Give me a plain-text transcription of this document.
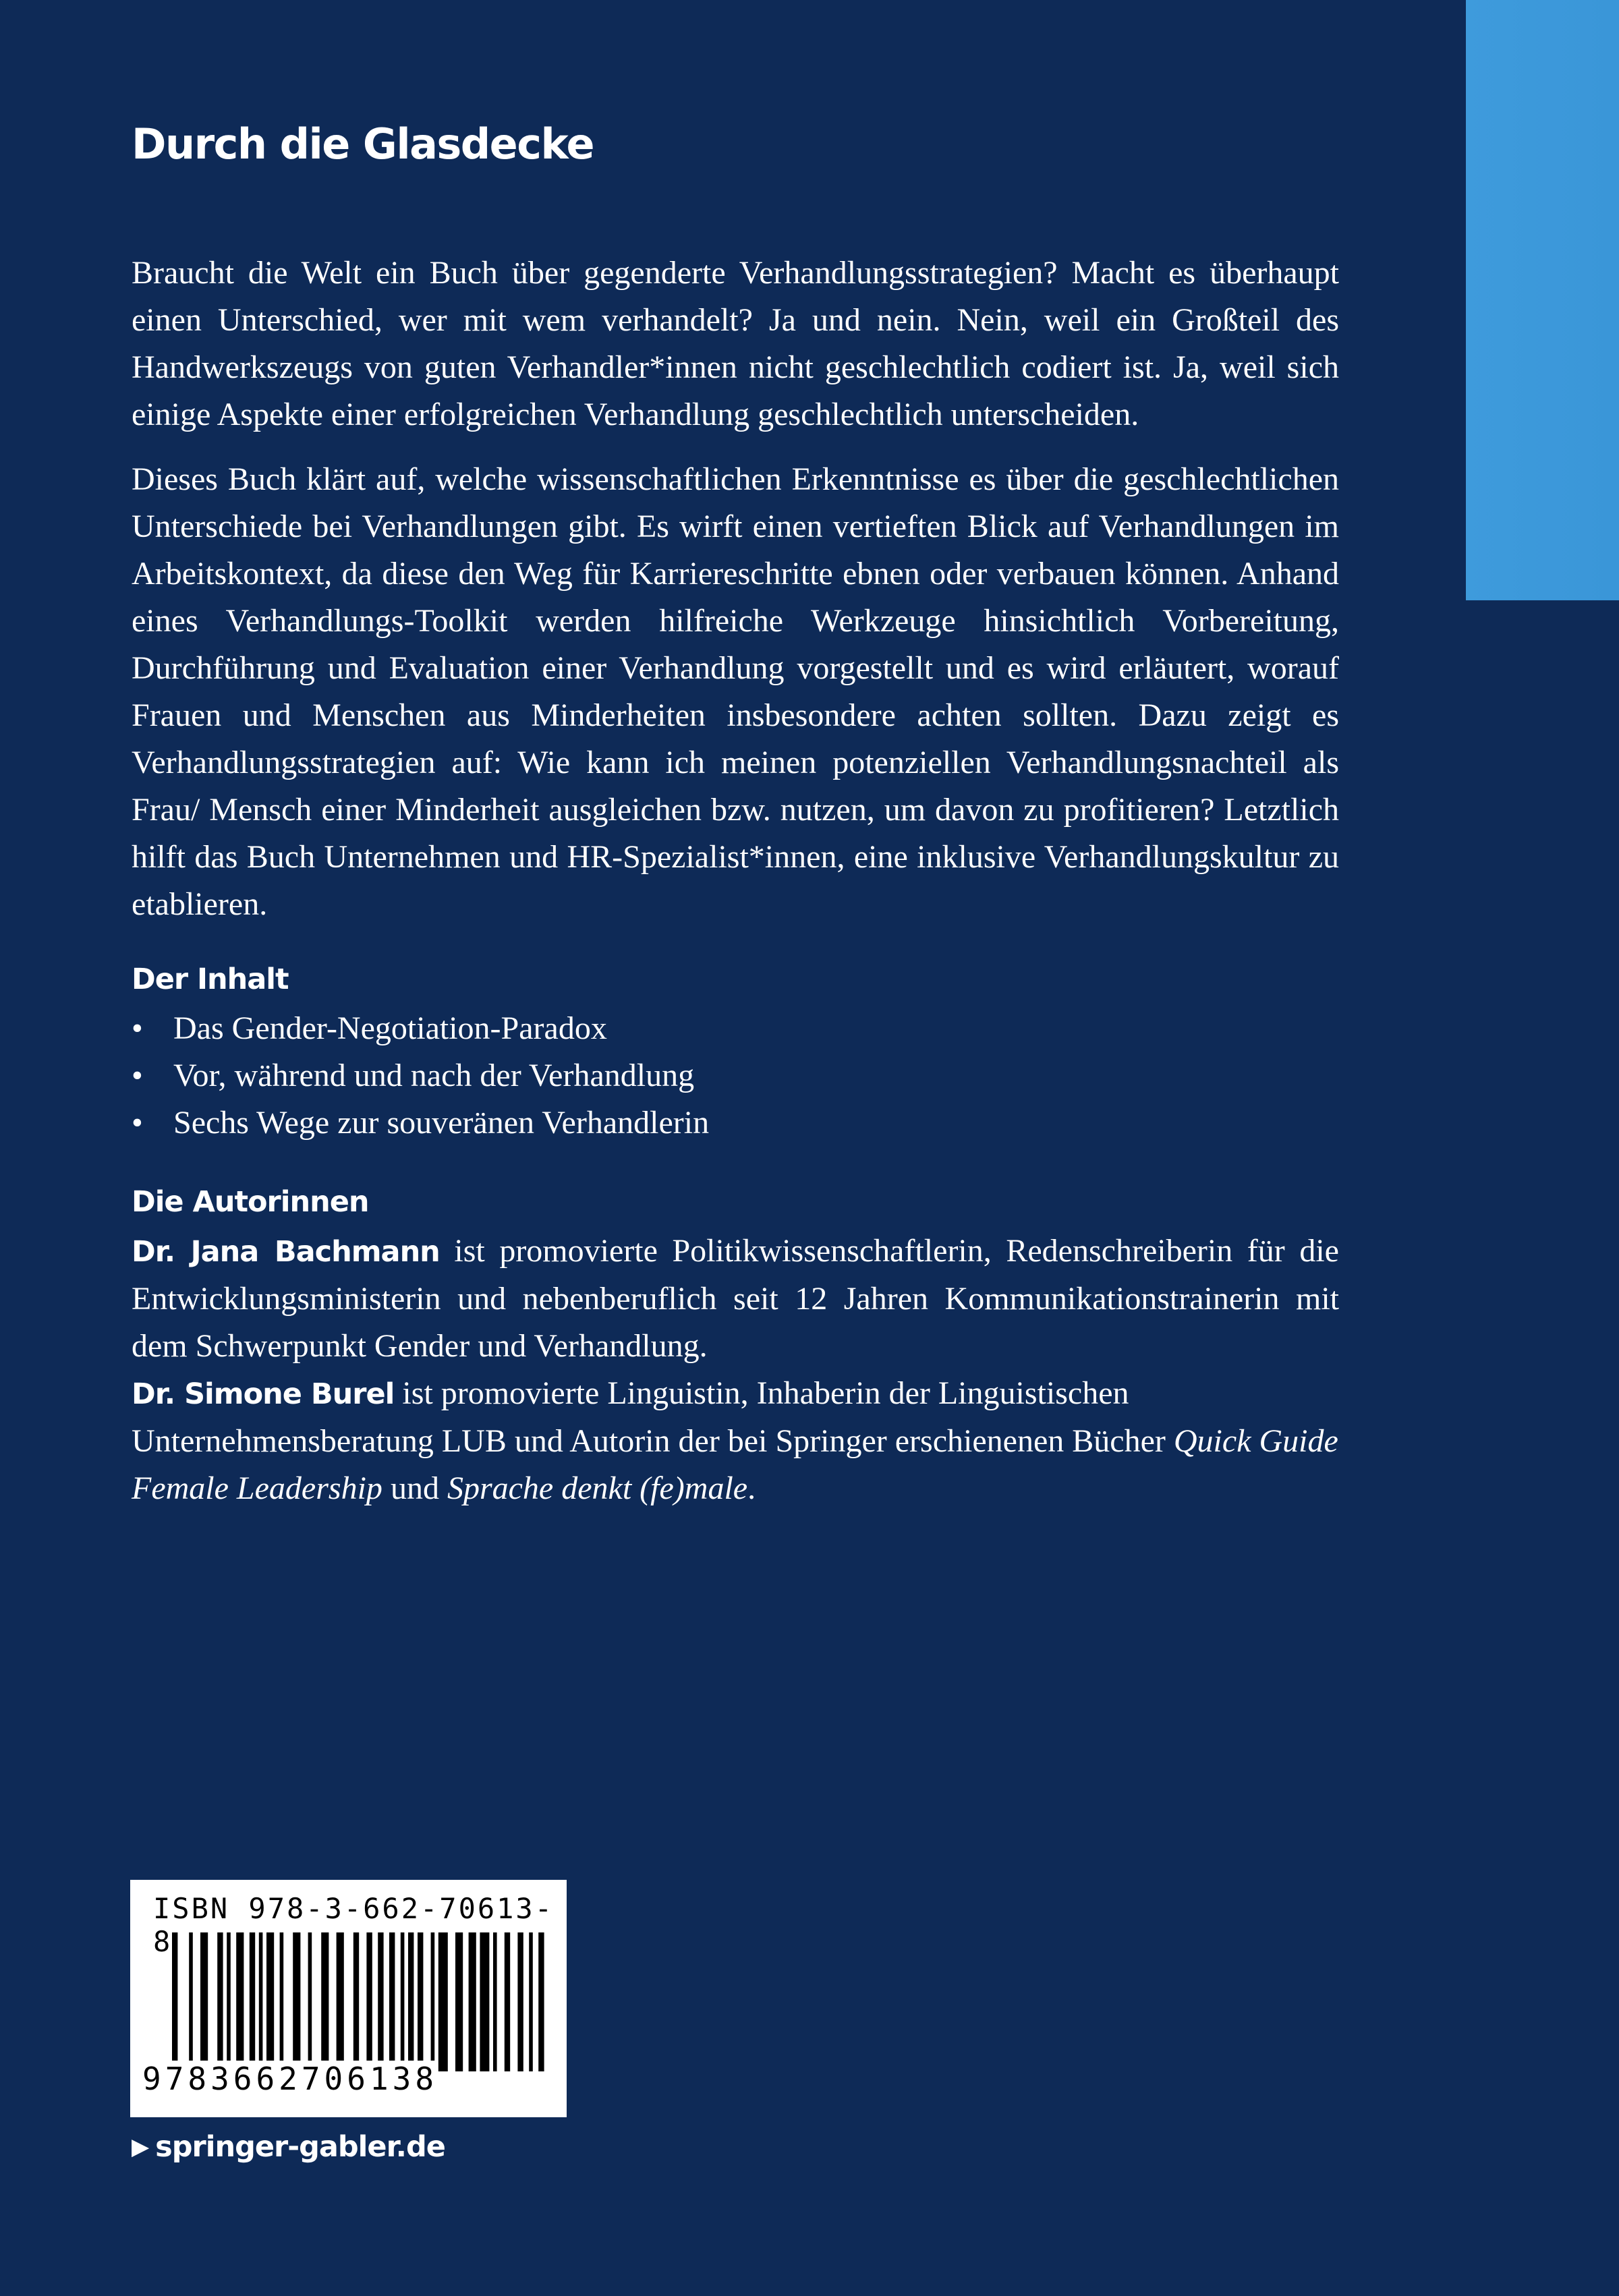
Durch die Glasdecke

Braucht die Welt ein Buch über gegenderte Verhandlungsstrategien? Macht es überhaupt einen Unterschied, wer mit wem verhandelt? Ja und nein. Nein, weil ein Großteil des Handwerkszeugs von guten Verhandler*innen nicht geschlechtlich codiert ist. Ja, weil sich einige Aspekte einer erfolgreichen Verhandlung geschlechtlich unterscheiden.

Dieses Buch klärt auf, welche wissenschaftlichen Erkenntnisse es über die geschlechtlichen Unterschiede bei Verhandlungen gibt. Es wirft einen vertieften Blick auf Verhandlungen im Arbeitskontext, da diese den Weg für Karriereschritte ebnen oder verbauen können. Anhand eines Verhandlungs-Toolkit werden hilfreiche Werkzeuge hinsichtlich Vorbereitung, Durchführung und Evaluation einer Verhandlung vorgestellt und es wird erläutert, worauf Frauen und Menschen aus Minderheiten insbesondere achten sollten. Dazu zeigt es Verhandlungsstrategien auf: Wie kann ich meinen potenziellen Verhandlungsnachteil als Frau/ Mensch einer Minderheit ausgleichen bzw. nutzen, um davon zu profitieren? Letztlich hilft das Buch Unternehmen und HR-Spezialist*innen, eine inklusive Verhandlungskultur zu etablieren.

Der Inhalt
• Das Gender-Negotiation-Paradox
• Vor, während und nach der Verhandlung
• Sechs Wege zur souveränen Verhandlerin
Die Autorinnen

Dr. Jana Bachmann ist promovierte Politikwissenschaftlerin, Redenschreiberin für die Entwicklungsministerin und nebenberuflich seit 12 Jahren Kommunikationstrainerin mit dem Schwerpunkt Gender und Verhandlung.

Dr. Simone Burel ist promovierte Linguistin, Inhaberin der Linguistischen Unternehmensberatung LUB und Autorin der bei Springer erschienenen Bücher Quick Guide Female Leadership und Sprache denkt (fe)male.

ISBN 978-3-662-70613-8
9783662706138
▶ springer-gabler.de
